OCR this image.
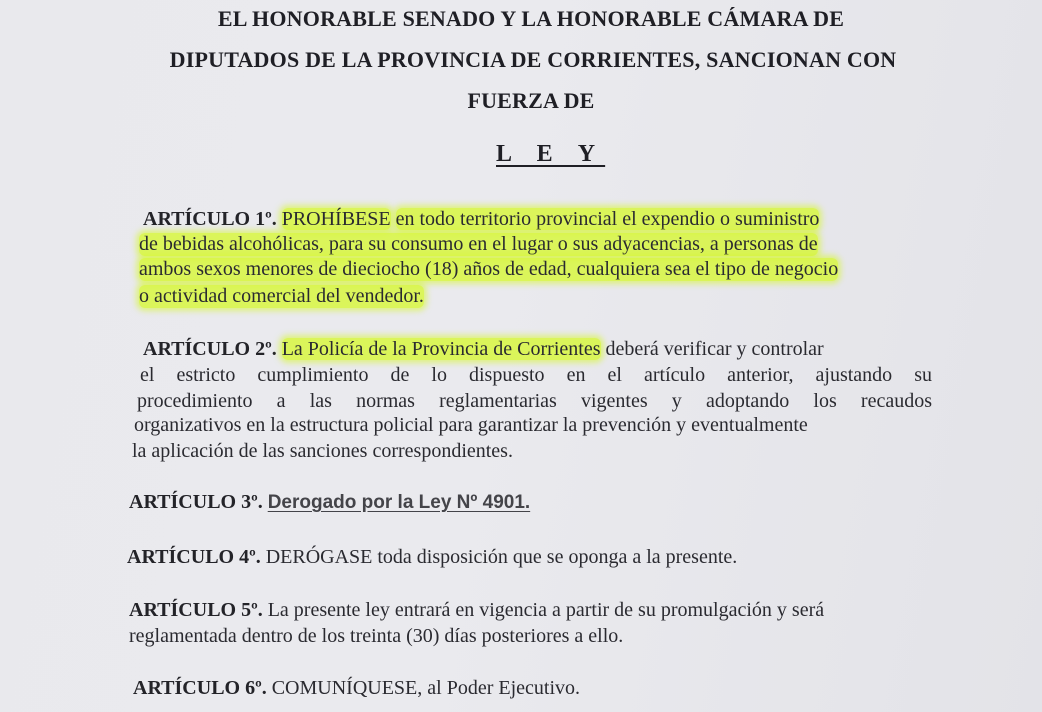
EL HONORABLE SENADO Y LA HONORABLE CÁMARA DE
DIPUTADOS DE LA PROVINCIA DE CORRIENTES, SANCIONAN CON
FUERZA DE
L E Y
ARTÍCULO 1º. PROHÍBESE en todo territorio provincial el expendio o suministro
de bebidas alcohólicas, para su consumo en el lugar o sus adyacencias, a personas de
ambos sexos menores de dieciocho (18) años de edad, cualquiera sea el tipo de negocio
o actividad comercial del vendedor.
ARTÍCULO 2º. La Policía de la Provincia de Corrientes deberá verificar y controlar
el estricto cumplimiento de lo dispuesto en el artículo anterior, ajustando su
procedimiento a las normas reglamentarias vigentes y adoptando los recaudos
organizativos en la estructura policial para garantizar la prevención y eventualmente
la aplicación de las sanciones correspondientes.
ARTÍCULO 3º. Derogado por la Ley Nº 4901.
ARTÍCULO 4º. DERÓGASE toda disposición que se oponga a la presente.
ARTÍCULO 5º. La presente ley entrará en vigencia a partir de su promulgación y será
reglamentada dentro de los treinta (30) días posteriores a ello.
ARTÍCULO 6º. COMUNÍQUESE, al Poder Ejecutivo.
